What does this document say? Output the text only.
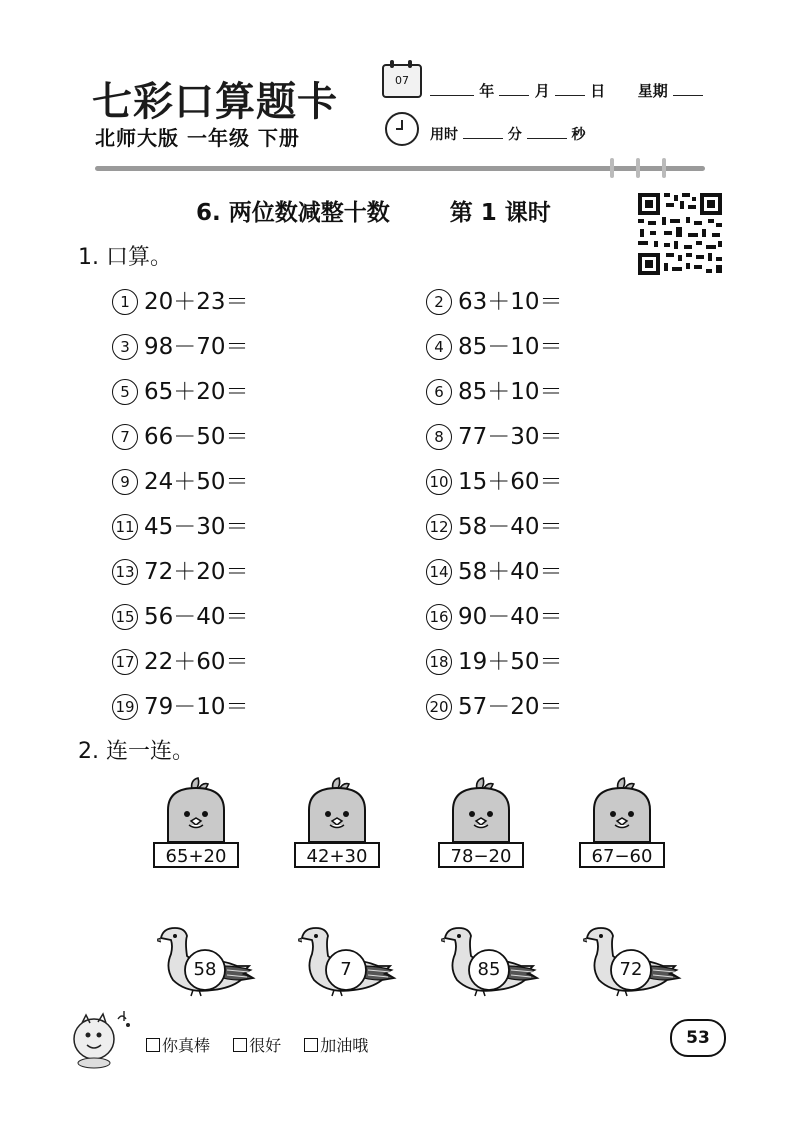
七彩口算题卡	07
年	月	日 星期
北师大版 一年级 下册	用时	分	秒
6. 两位数减整十数	第 1 课时
1. 口算。
1 20＋23＝	2 63＋10＝
3 98－70＝	4 85－10＝
5 65＋20＝	6 85＋10＝
7 66－50＝	8 77－30＝
9 24＋50＝	10 15＋60＝
11 45－30＝	12 58－40＝
13 72＋20＝	14 58＋40＝
15 56－40＝	16 90－40＝
17 22＋60＝	18 19＋50＝
19 79－10＝	20 57－20＝
2. 连一连。
65+20	42+30	78−20	67−60
58	7	85	72
你真棒 很好 加油哦	53
